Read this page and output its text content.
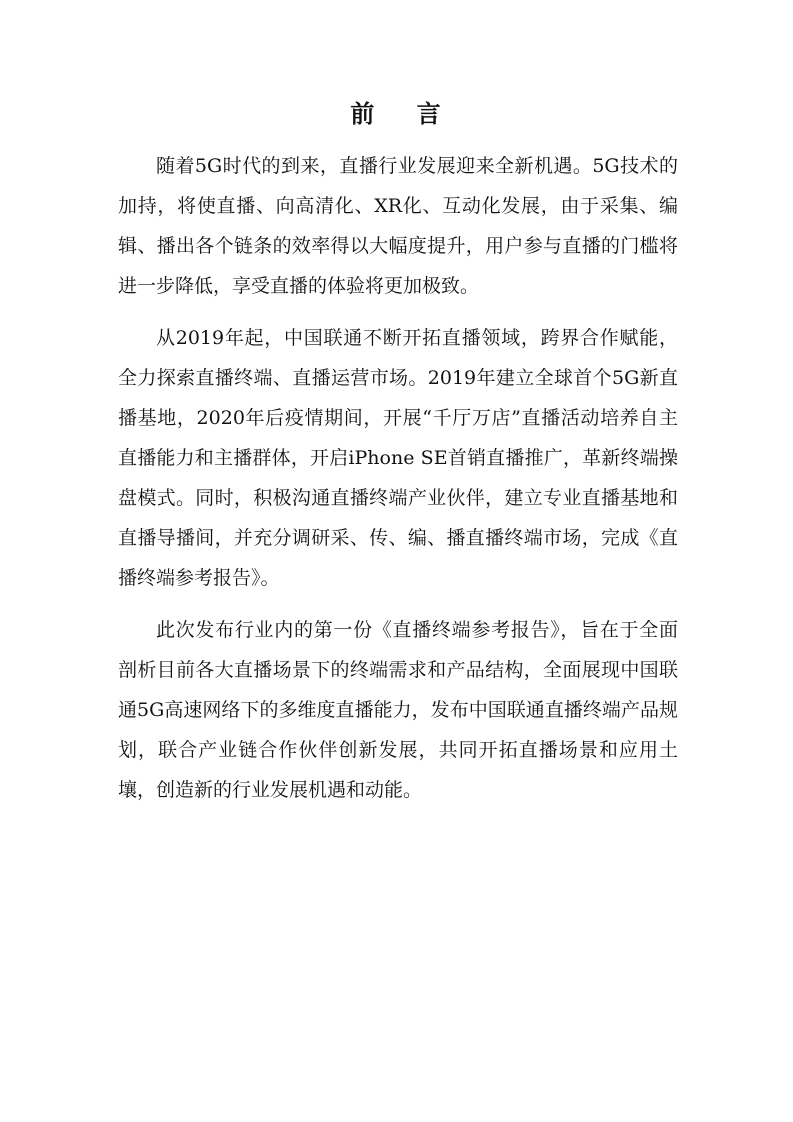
前 言

随着5G时代的到来，直播行业发展迎来全新机遇。5G技术的加持，将使直播、向高清化、XR化、互动化发展，由于采集、编辑、播出各个链条的效率得以大幅度提升，用户参与直播的门槛将进一步降低，享受直播的体验将更加极致。

从2019年起，中国联通不断开拓直播领域，跨界合作赋能，全力探索直播终端、直播运营市场。2019年建立全球首个5G新直播基地，2020年后疫情期间，开展“千厅万店”直播活动培养自主直播能力和主播群体，开启iPhone SE首销直播推广，革新终端操盘模式。同时，积极沟通直播终端产业伙伴，建立专业直播基地和直播导播间，并充分调研采、传、编、播直播终端市场，完成《直播终端参考报告》。

此次发布行业内的第一份《直播终端参考报告》，旨在于全面剖析目前各大直播场景下的终端需求和产品结构，全面展现中国联通5G高速网络下的多维度直播能力，发布中国联通直播终端产品规划，联合产业链合作伙伴创新发展，共同开拓直播场景和应用土壤，创造新的行业发展机遇和动能。
